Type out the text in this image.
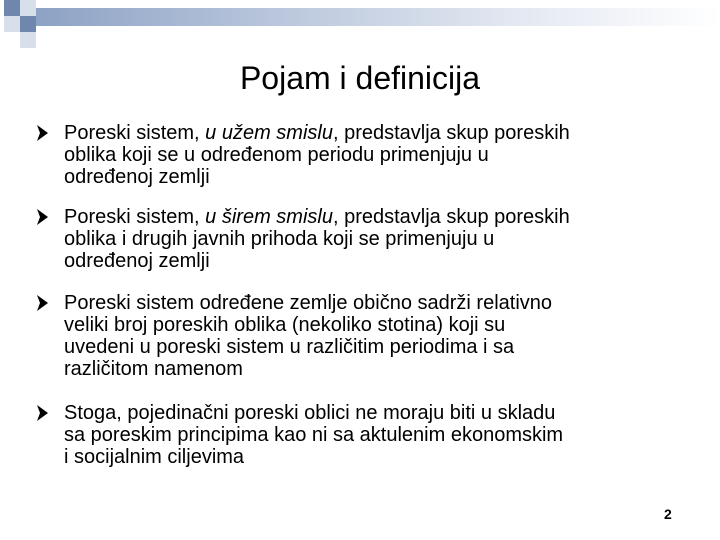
Pojam i definicija
Poreski sistem, u užem smislu, predstavlja skup poreskih
oblika koji se u određenom periodu primenjuju u
određenoj zemlji
Poreski sistem, u širem smislu, predstavlja skup poreskih
oblika i drugih javnih prihoda koji se primenjuju u
određenoj zemlji
Poreski sistem određene zemlje obično sadrži relativno
veliki broj poreskih oblika (nekoliko stotina) koji su
uvedeni u poreski sistem u različitim periodima i sa
različitom namenom
Stoga, pojedinačni poreski oblici ne moraju biti u skladu
sa poreskim principima kao ni sa aktulenim ekonomskim
i socijalnim ciljevima
2
